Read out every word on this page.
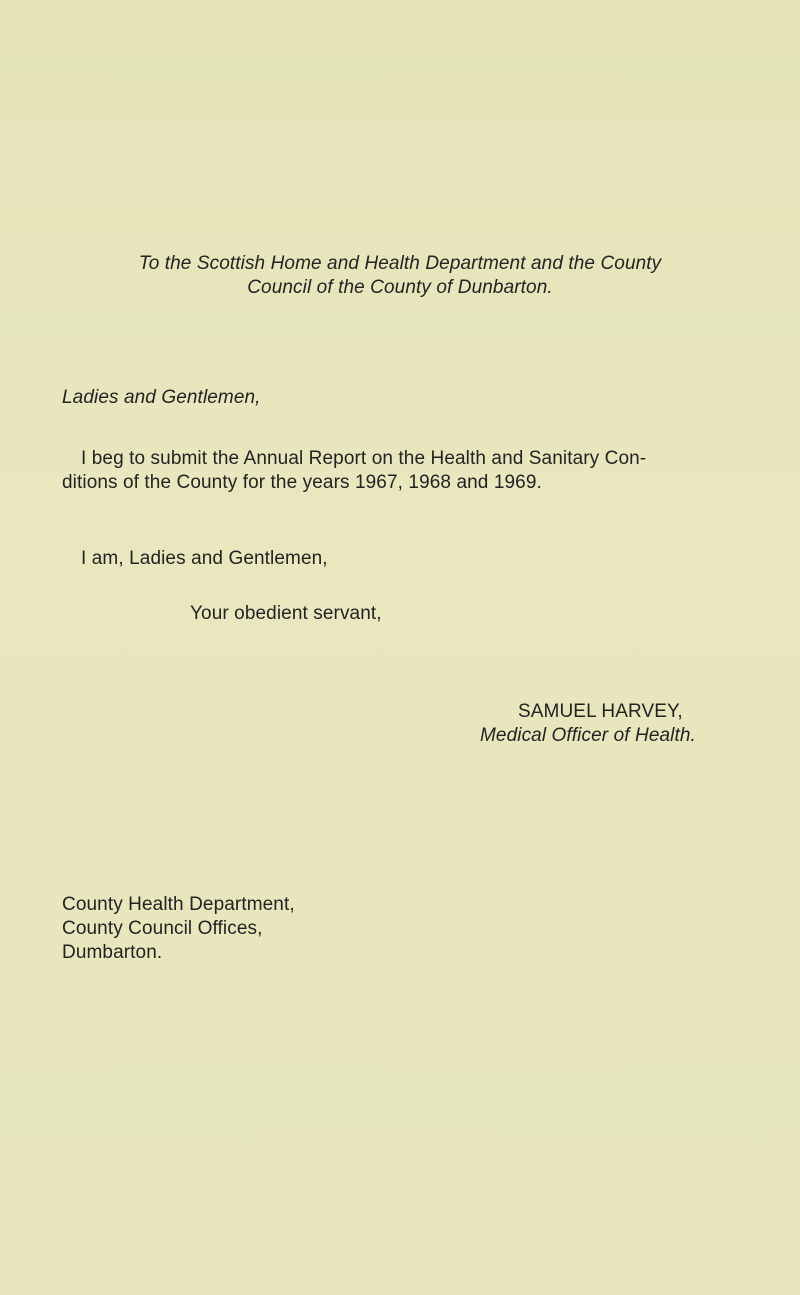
To the Scottish Home and Health Department and the County
Council of the County of Dunbarton.

Ladies and Gentlemen,

I beg to submit the Annual Report on the Health and Sanitary Con-
ditions of the County for the years 1967, 1968 and 1969.

I am, Ladies and Gentlemen,

Your obedient servant,

SAMUEL HARVEY,

Medical Officer of Health.

County Health Department,
County Council Offices,
Dumbarton.
